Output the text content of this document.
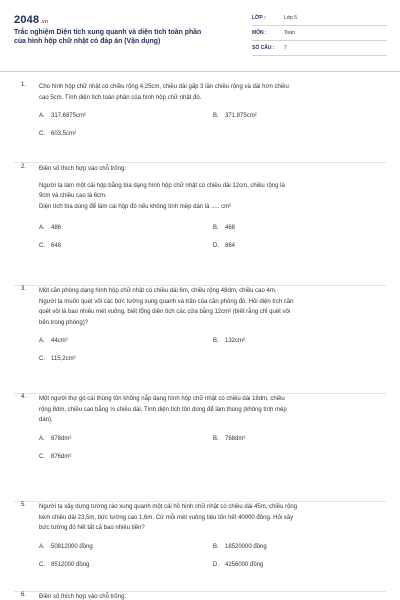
2048.vn
Trắc nghiệm Diện tích xung quanh và diện tích toàn phần
của hình hộp chữ nhật có đáp án (Vận dụng)
LỚP :	Lớp 5
MÔN :	Toán
SỐ CÂU : 7
1. Cho hình hộp chữ nhật có chiều rộng 4,25cm, chiều dài gấp 3 lần chiều rộng và dài hơn chiều
cao 5cm. Tính diện tích toàn phần của hình hộp chữ nhật đó.
A. 317,6875cm²	B. 371,875cm²
C. 603,5cm²
2. Điền số thích hợp vào chỗ trống:
Người ta làm một cái hộp bằng bìa dạng hình hộp chữ nhật có chiều dài 12cm, chiều rộng là
9cm và chiều cao là 6cm.
Diện tích bìa dùng để làm cái hộp đó nếu không tính mép dán là ..... cm²
A. 486	B. 468
C. 648	D. 864
3. Một căn phòng dạng hình hộp chữ nhật có chiều dài 6m, chiều rộng 48dm, chiều cao 4m.
Người ta muốn quét vôi các bức tường xung quanh và trần của căn phòng đó. Hỏi diện tích cần
quét vôi là bao nhiêu mét vuông, biết tổng diện tích các cửa bằng 12cm² (biết rằng chỉ quét vôi
bên trong phòng)?
A. 44cm²	B. 132cm²
C. 115,2cm²
4. Một người thợ gò cái thùng tôn không nắp dạng hình hộp chữ nhật có chiều dài 18dm, chiều
rộng 8dm, chiều cao bằng ⅓ chiều dài. Tính diện tích tôn dùng để làm thùng (không tính mép
dán).
A. 678dm²	B. 768dm²
C. 876dm²
5. Người ta xây dựng tường rào xung quanh một cái hồ hình chữ nhật có chiều dài 45m, chiều rộng
kém chiều dài 23,5m, bức tường cao 1,6m. Cứ mỗi mét vuông tiêu tốn hết 40000 đồng. Hỏi xây
bức tường đó hết tất cả bao nhiêu tiền?
A. 50812000 đồng	B. 18520000 đồng
C. 8512000 đồng	D. 4256000 đồng
6. Điền số thích hợp vào chỗ trống:
